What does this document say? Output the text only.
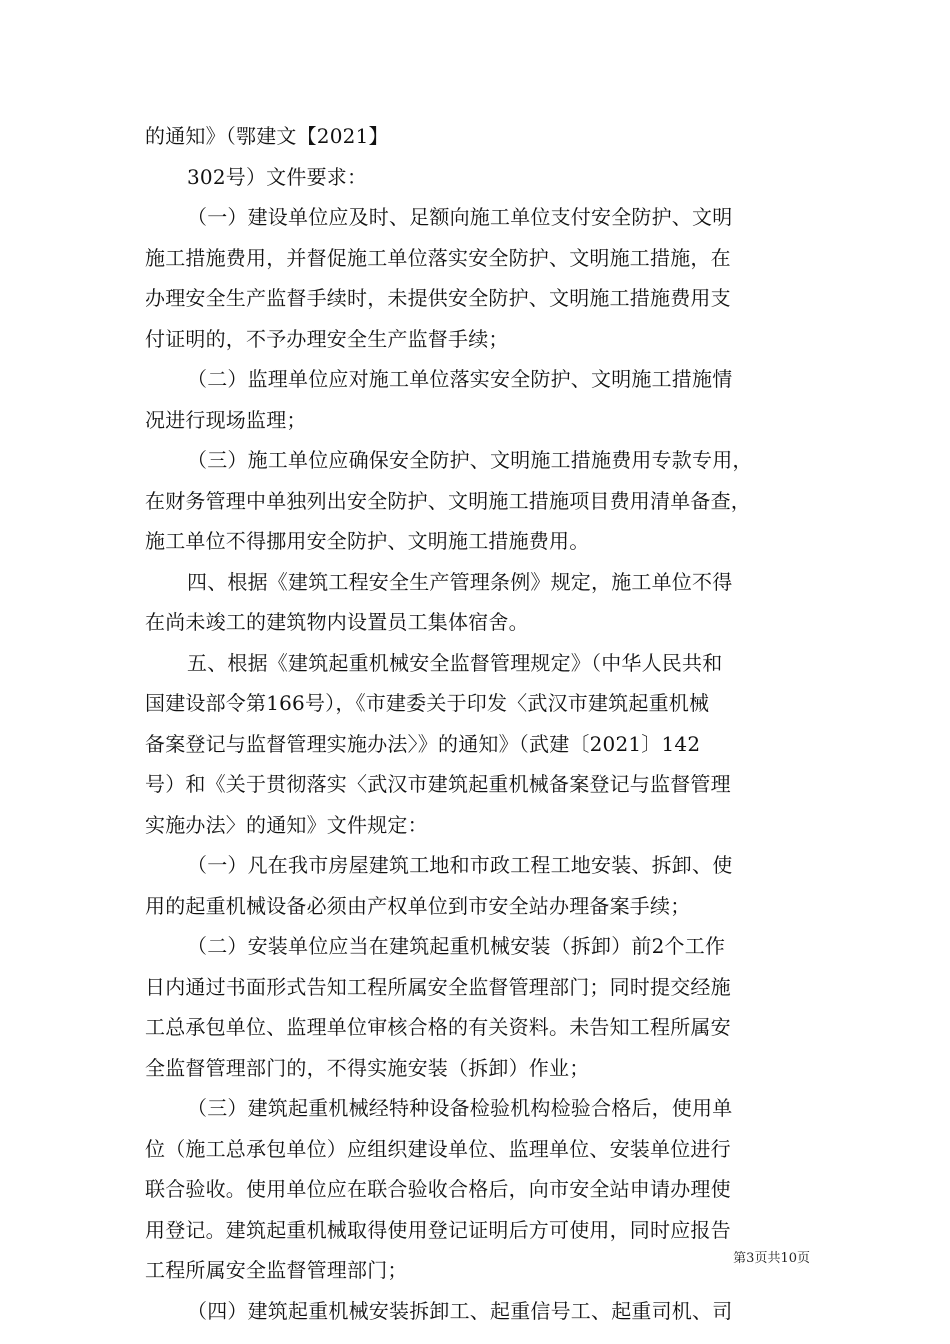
的通知》（鄂建文【2021】
302号）文件要求：
（一）建设单位应及时、足额向施工单位支付安全防护、文明
施工措施费用，并督促施工单位落实安全防护、文明施工措施，在
办理安全生产监督手续时，未提供安全防护、文明施工措施费用支
付证明的，不予办理安全生产监督手续；
（二）监理单位应对施工单位落实安全防护、文明施工措施情
况进行现场监理；
（三）施工单位应确保安全防护、文明施工措施费用专款专用，
在财务管理中单独列出安全防护、文明施工措施项目费用清单备查，
施工单位不得挪用安全防护、文明施工措施费用。
四、根据《建筑工程安全生产管理条例》规定，施工单位不得
在尚未竣工的建筑物内设置员工集体宿舍。
五、根据《建筑起重机械安全监督管理规定》（中华人民共和
国建设部令第166号），《市建委关于印发〈武汉市建筑起重机械
备案登记与监督管理实施办法〉》的通知》（武建〔2021〕142
号）和《关于贯彻落实〈武汉市建筑起重机械备案登记与监督管理
实施办法〉的通知》文件规定：
（一）凡在我市房屋建筑工地和市政工程工地安装、拆卸、使
用的起重机械设备必须由产权单位到市安全站办理备案手续；
（二）安装单位应当在建筑起重机械安装（拆卸）前2个工作
日内通过书面形式告知工程所属安全监督管理部门；同时提交经施
工总承包单位、监理单位审核合格的有关资料。未告知工程所属安
全监督管理部门的，不得实施安装（拆卸）作业；
（三）建筑起重机械经特种设备检验机构检验合格后，使用单
位（施工总承包单位）应组织建设单位、监理单位、安装单位进行
联合验收。使用单位应在联合验收合格后，向市安全站申请办理使
用登记。建筑起重机械取得使用登记证明后方可使用，同时应报告
工程所属安全监督管理部门；
（四）建筑起重机械安装拆卸工、起重信号工、起重司机、司
第3页共10页
